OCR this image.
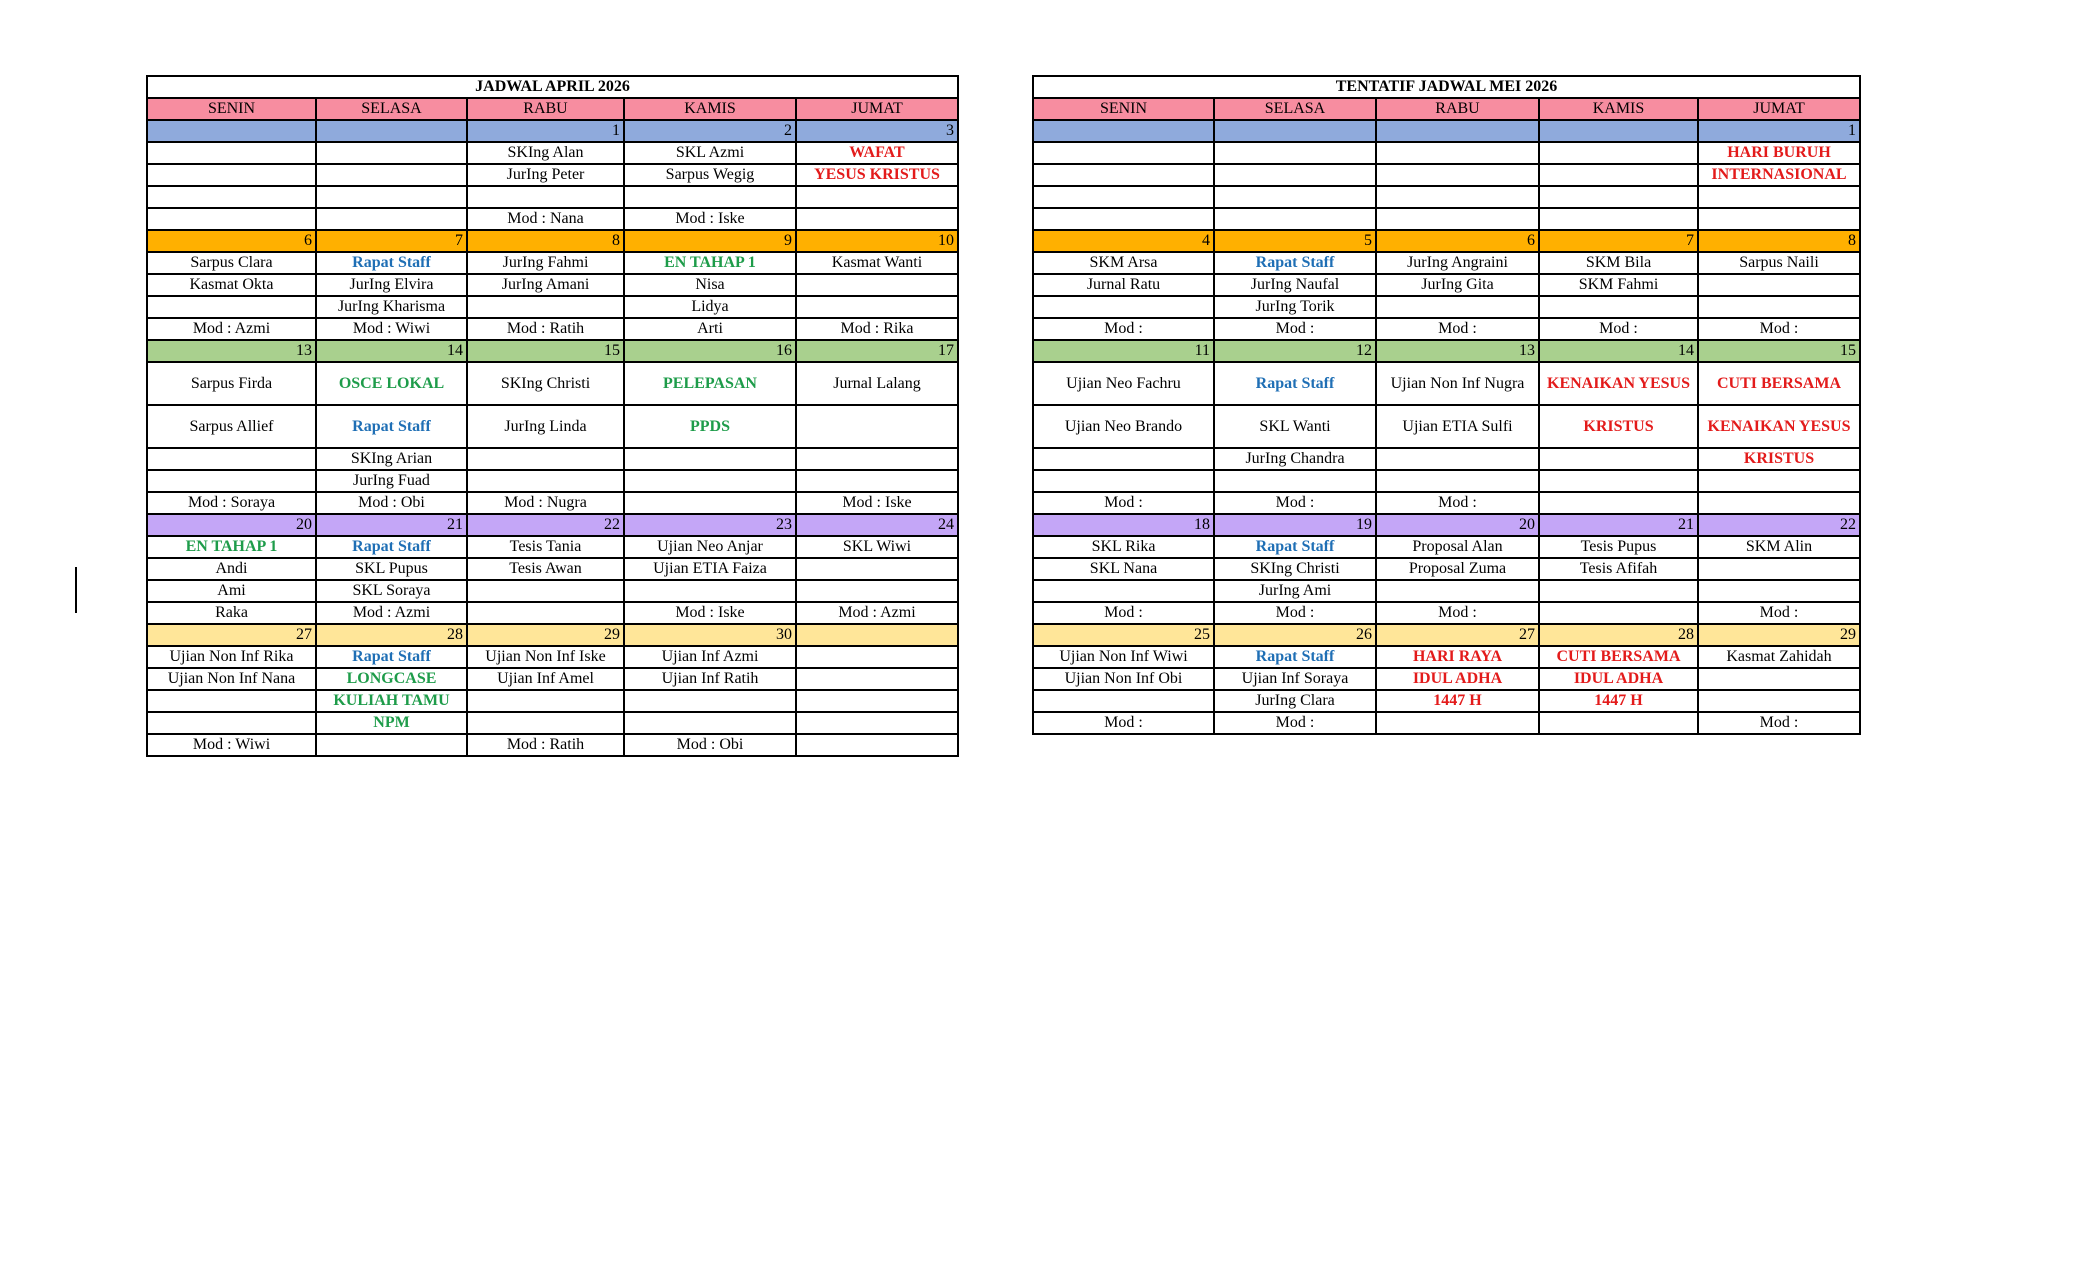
JADWAL APRIL 2026				
SENIN	SELASA	RABU	KAMIS	JUMAT
		1	2	3
		SKIng Alan	SKL Azmi	WAFAT
		JurIng Peter	Sarpus Wegig	YESUS KRISTUS

		Mod : Nana	Mod : Iske	
6	7	8	9	10
Sarpus Clara	Rapat Staff	JurIng Fahmi	EN TAHAP 1	Kasmat Wanti
Kasmat Okta	JurIng Elvira	JurIng Amani	Nisa	
	JurIng Kharisma		Lidya	
Mod : Azmi	Mod : Wiwi	Mod : Ratih	Arti	Mod : Rika
13	14	15	16	17
Sarpus Firda	OSCE LOKAL	SKIng Christi	PELEPASAN	Jurnal Lalang
Sarpus Allief	Rapat Staff	JurIng Linda	PPDS	
	SKIng Arian			
	JurIng Fuad			
Mod : Soraya	Mod : Obi	Mod : Nugra		Mod : Iske
20	21	22	23	24
EN TAHAP 1	Rapat Staff	Tesis Tania	Ujian Neo Anjar	SKL Wiwi
Andi	SKL Pupus	Tesis Awan	Ujian ETIA Faiza	
Ami	SKL Soraya			
Raka	Mod : Azmi		Mod : Iske	Mod : Azmi
27	28	29	30	
Ujian Non Inf Rika	Rapat Staff	Ujian Non Inf Iske	Ujian Inf Azmi	
Ujian Non Inf Nana	LONGCASE	Ujian Inf Amel	Ujian Inf Ratih	
	KULIAH TAMU			
	NPM			
Mod : Wiwi		Mod : Ratih	Mod : Obi	
TENTATIF JADWAL MEI 2026				
SENIN	SELASA	RABU	KAMIS	JUMAT
				1
				HARI BURUH
				INTERNASIONAL

4	5	6	7	8
SKM Arsa	Rapat Staff	JurIng Angraini	SKM Bila	Sarpus Naili
Jurnal Ratu	JurIng Naufal	JurIng Gita	SKM Fahmi	
	JurIng Torik			
Mod :	Mod :	Mod :	Mod :	Mod :
11	12	13	14	15
Ujian Neo Fachru	Rapat Staff	Ujian Non Inf Nugra	KENAIKAN YESUS	CUTI BERSAMA
Ujian Neo Brando	SKL Wanti	Ujian ETIA Sulfi	KRISTUS	KENAIKAN YESUS
	JurIng Chandra			KRISTUS

Mod :	Mod :	Mod :		
18	19	20	21	22
SKL Rika	Rapat Staff	Proposal Alan	Tesis Pupus	SKM Alin
SKL Nana	SKIng Christi	Proposal Zuma	Tesis Afifah	
	JurIng Ami			
Mod :	Mod :	Mod :		Mod :
25	26	27	28	29
Ujian Non Inf Wiwi	Rapat Staff	HARI RAYA	CUTI BERSAMA	Kasmat Zahidah
Ujian Non Inf Obi	Ujian Inf Soraya	IDUL ADHA	IDUL ADHA	
	JurIng Clara	1447 H	1447 H	
Mod :	Mod :			Mod :
